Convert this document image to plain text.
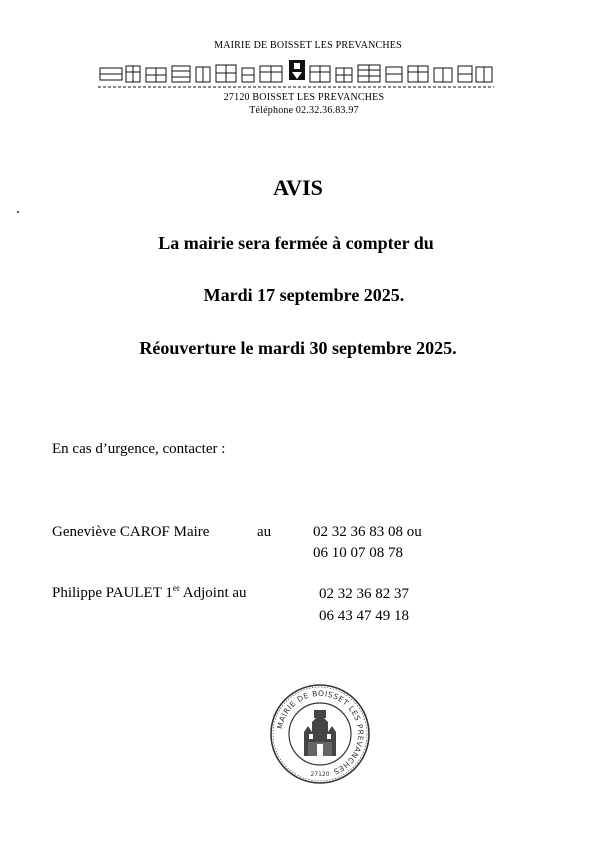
MAIRIE DE BOISSET LES PREVANCHES
27120 BOISSET LES PREVANCHES
Téléphone 02.32.36.83.97
AVIS
La mairie sera fermée à compter du
Mardi 17 septembre 2025.
Réouverture le mardi 30 septembre 2025.
En cas d’urgence, contacter :
Geneviève CAROF Maire	au	02 32 36 83 08 ou
06 10 07 08 78
Philippe PAULET 1er Adjoint au	02 32 36 82 37
06 43 47 49 18
MAIRIE DE BOISSET LES PREVANCHES
27120
